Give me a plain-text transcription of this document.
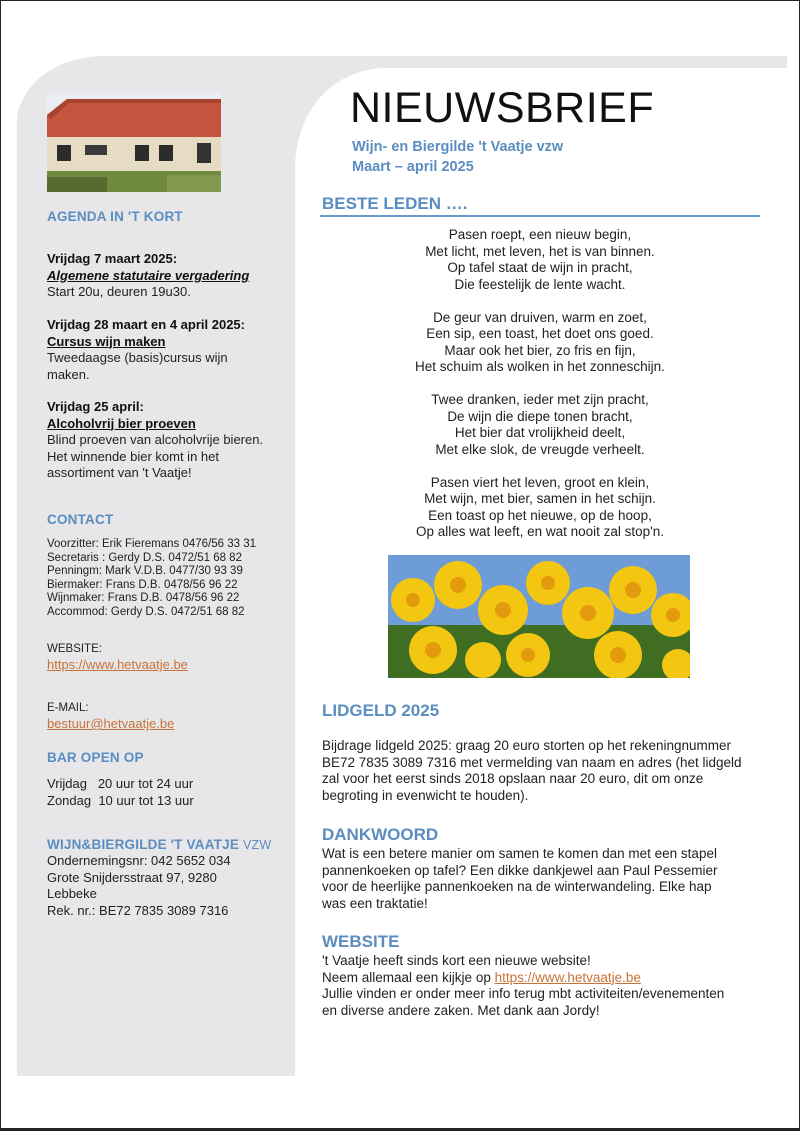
AGENDA IN 'T KORT
Vrijdag 7 maart 2025:
Algemene statutaire vergadering
Start 20u, deuren 19u30.
Vrijdag 28 maart en 4 april 2025:
Cursus wijn maken
Tweedaagse (basis)cursus wijn maken.
Vrijdag 25 april:
Alcoholvrij bier proeven
Blind proeven van alcoholvrije bieren. Het winnende bier komt in het assortiment van 't Vaatje!
CONTACT
Voorzitter: Erik Fieremans 0476/56 33 31
Secretaris : Gerdy D.S. 0472/51 68 82
Penningm: Mark V.D.B. 0477/30 93 39
Biermaker: Frans D.B. 0478/56 96 22
Wijnmaker: Frans D.B. 0478/56 96 22
Accommod: Gerdy D.S. 0472/51 68 82
WEBSITE:
https://www.hetvaatje.be
E-MAIL:
bestuur@hetvaatje.be
BAR OPEN OP
Vrijdag   20 uur tot 24 uur
Zondag  10 uur tot 13 uur
WIJN&BIERGILDE 'T VAATJE VZW
Ondernemingsnr: 042 5652 034
Grote Snijdersstraat 97, 9280 Lebbeke
Rek. nr.: BE72 7835 3089 7316
NIEUWSBRIEF
Wijn- en Biergilde 't Vaatje vzw
Maart – april 2025
BESTE LEDEN ….
Pasen roept, een nieuw begin,
Met licht, met leven, het is van binnen.
Op tafel staat de wijn in pracht,
Die feestelijk de lente wacht.
De geur van druiven, warm en zoet,
Een sip, een toast, het doet ons goed.
Maar ook het bier, zo fris en fijn,
Het schuim als wolken in het zonneschijn.
Twee dranken, ieder met zijn pracht,
De wijn die diepe tonen bracht,
Het bier dat vrolijkheid deelt,
Met elke slok, de vreugde verheelt.
Pasen viert het leven, groot en klein,
Met wijn, met bier, samen in het schijn.
Een toast op het nieuwe, op de hoop,
Op alles wat leeft, en wat nooit zal stop'n.
LIDGELD 2025
Bijdrage lidgeld 2025: graag 20 euro storten op het rekeningnummer BE72 7835 3089 7316 met vermelding van naam en adres (het lidgeld zal voor het eerst sinds 2018 opslaan naar 20 euro, dit om onze begroting in evenwicht te houden).
DANKWOORD
Wat is een betere manier om samen te komen dan met een stapel pannenkoeken op tafel? Een dikke dankjewel aan Paul Pessemier voor de heerlijke pannenkoeken na de winterwandeling. Elke hap was een traktatie!
WEBSITE
't Vaatje heeft sinds kort een nieuwe website!
Neem allemaal een kijkje op https://www.hetvaatje.be
Jullie vinden er onder meer info terug mbt activiteiten/evenementen en diverse andere zaken. Met dank aan Jordy!
